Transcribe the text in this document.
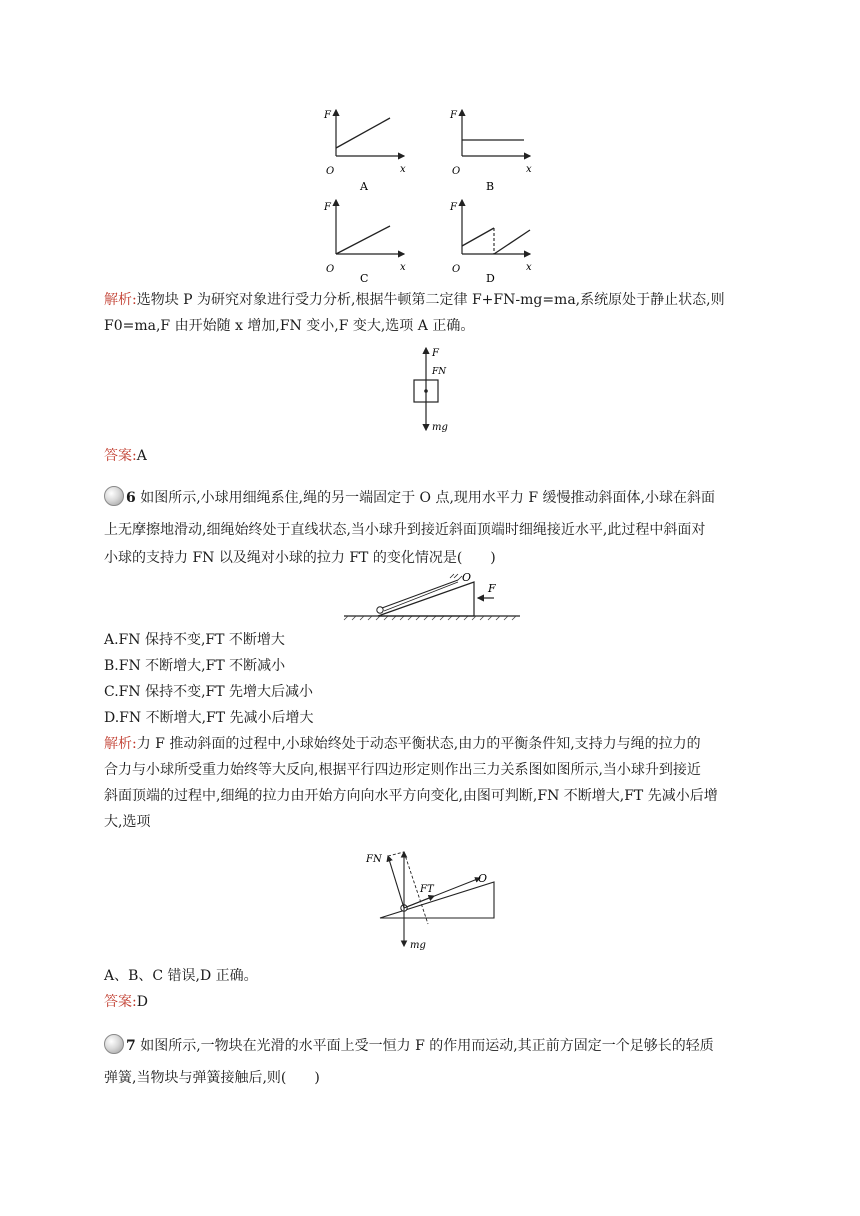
F
x
O
A
F
x
O
B
F
x
O
C
F
x
O
D
解析:选物块 P 为研究对象进行受力分析,根据牛顿第二定律 F+FN-mg=ma,系统原处于静止状态,则
F0=ma,F 由开始随 x 增加,FN 变小,F 变大,选项 A 正确。
F
FN
mg
答案:A
6 如图所示,小球用细绳系住,绳的另一端固定于 O 点,现用水平力 F 缓慢推动斜面体,小球在斜面
上无摩擦地滑动,细绳始终处于直线状态,当小球升到接近斜面顶端时细绳接近水平,此过程中斜面对
小球的支持力 FN 以及绳对小球的拉力 FT 的变化情况是(　　)
O
F
A.FN 保持不变,FT 不断增大
B.FN 不断增大,FT 不断减小
C.FN 保持不变,FT 先增大后减小
D.FN 不断增大,FT 先减小后增大
解析:力 F 推动斜面的过程中,小球始终处于动态平衡状态,由力的平衡条件知,支持力与绳的拉力的
合力与小球所受重力始终等大反向,根据平行四边形定则作出三力关系图如图所示,当小球升到接近
斜面顶端的过程中,细绳的拉力由开始方向向水平方向变化,由图可判断,FN 不断增大,FT 先减小后增
大,选项
FN
FT
O
mg
A、B、C 错误,D 正确。
答案:D
7 如图所示,一物块在光滑的水平面上受一恒力 F 的作用而运动,其正前方固定一个足够长的轻质
弹簧,当物块与弹簧接触后,则(　　)
